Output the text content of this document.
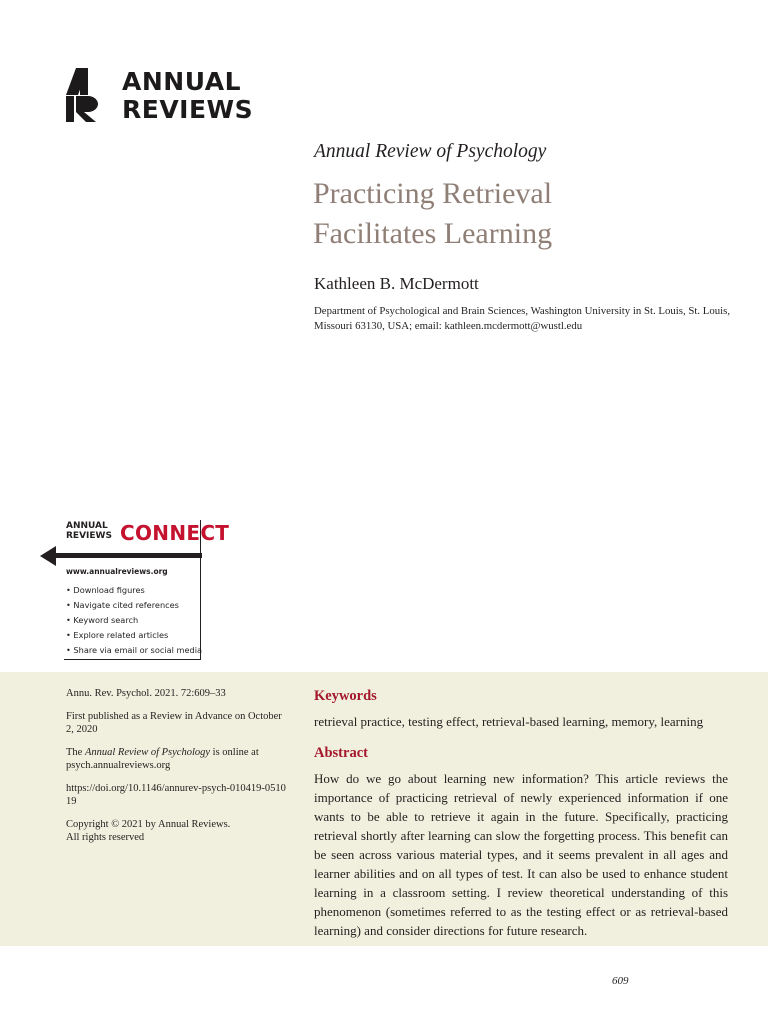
ANNUAL
REVIEWS
Annual Review of Psychology
Practicing Retrieval
Facilitates Learning
Kathleen B. McDermott
Department of Psychological and Brain Sciences, Washington University in St. Louis, St. Louis, Missouri 63130, USA; email: kathleen.mcdermott@wustl.edu
ANNUAL
REVIEWS CONNECT
www.annualreviews.org
• Download figures
• Navigate cited references
• Keyword search
• Explore related articles
• Share via email or social media

Annu. Rev. Psychol. 2021. 72:609–33

First published as a Review in Advance on October 2, 2020

The Annual Review of Psychology is online at psych.annualreviews.org

https://doi.org/10.1146/annurev-psych-010419-051019

Copyright © 2021 by Annual Reviews.
All rights reserved

Keywords
retrieval practice, testing effect, retrieval-based learning, memory, learning
Abstract
How do we go about learning new information? This article reviews the importance of practicing retrieval of newly experienced information if one wants to be able to retrieve it again in the future. Specifically, practicing retrieval shortly after learning can slow the forgetting process. This benefit can be seen across various material types, and it seems prevalent in all ages and learner abilities and on all types of test. It can also be used to enhance student learning in a classroom setting. I review theoretical understanding of this phenomenon (sometimes referred to as the testing effect or as retrieval-based learning) and consider directions for future research.
609
